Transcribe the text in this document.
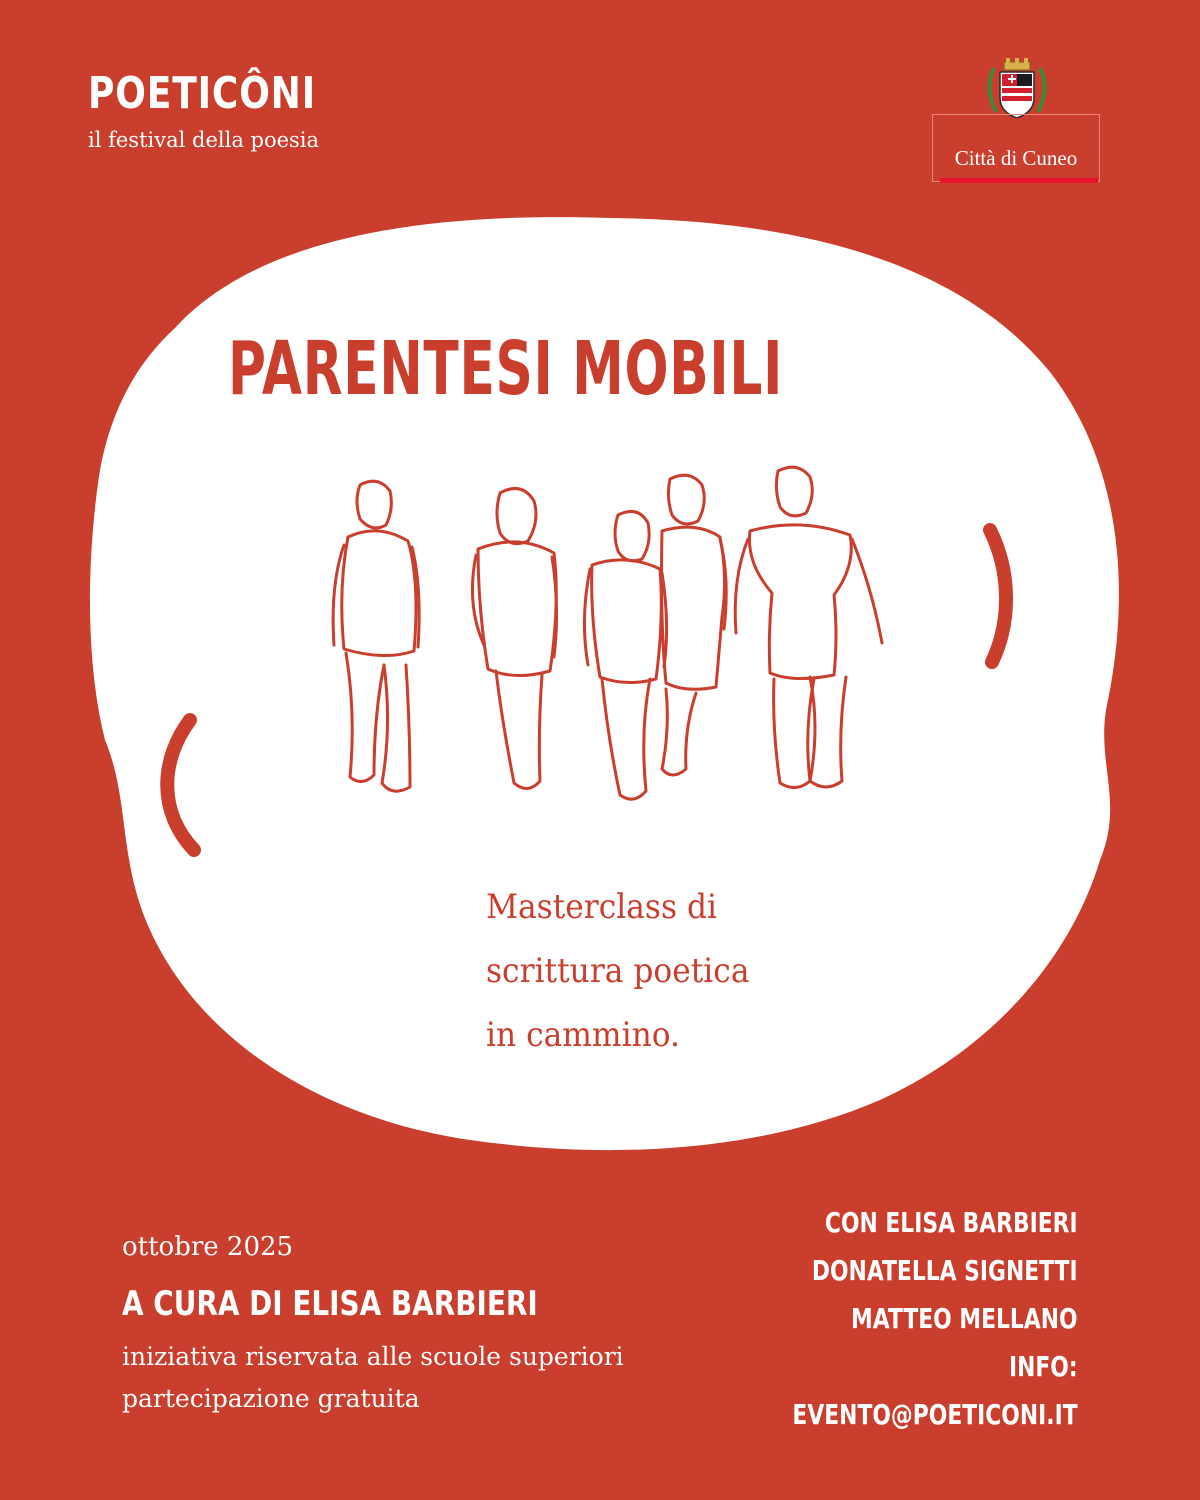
POETICÔNI
il festival della poesia
Città di Cuneo
PARENTESI MOBILI
Masterclass di
scrittura poetica
in cammino.
ottobre 2025
A CURA DI ELISA BARBIERI
iniziativa riservata alle scuole superiori
partecipazione gratuita
CON ELISA BARBIERI
DONATELLA SIGNETTI
MATTEO MELLANO
INFO:
EVENTO@POETICONI.IT
